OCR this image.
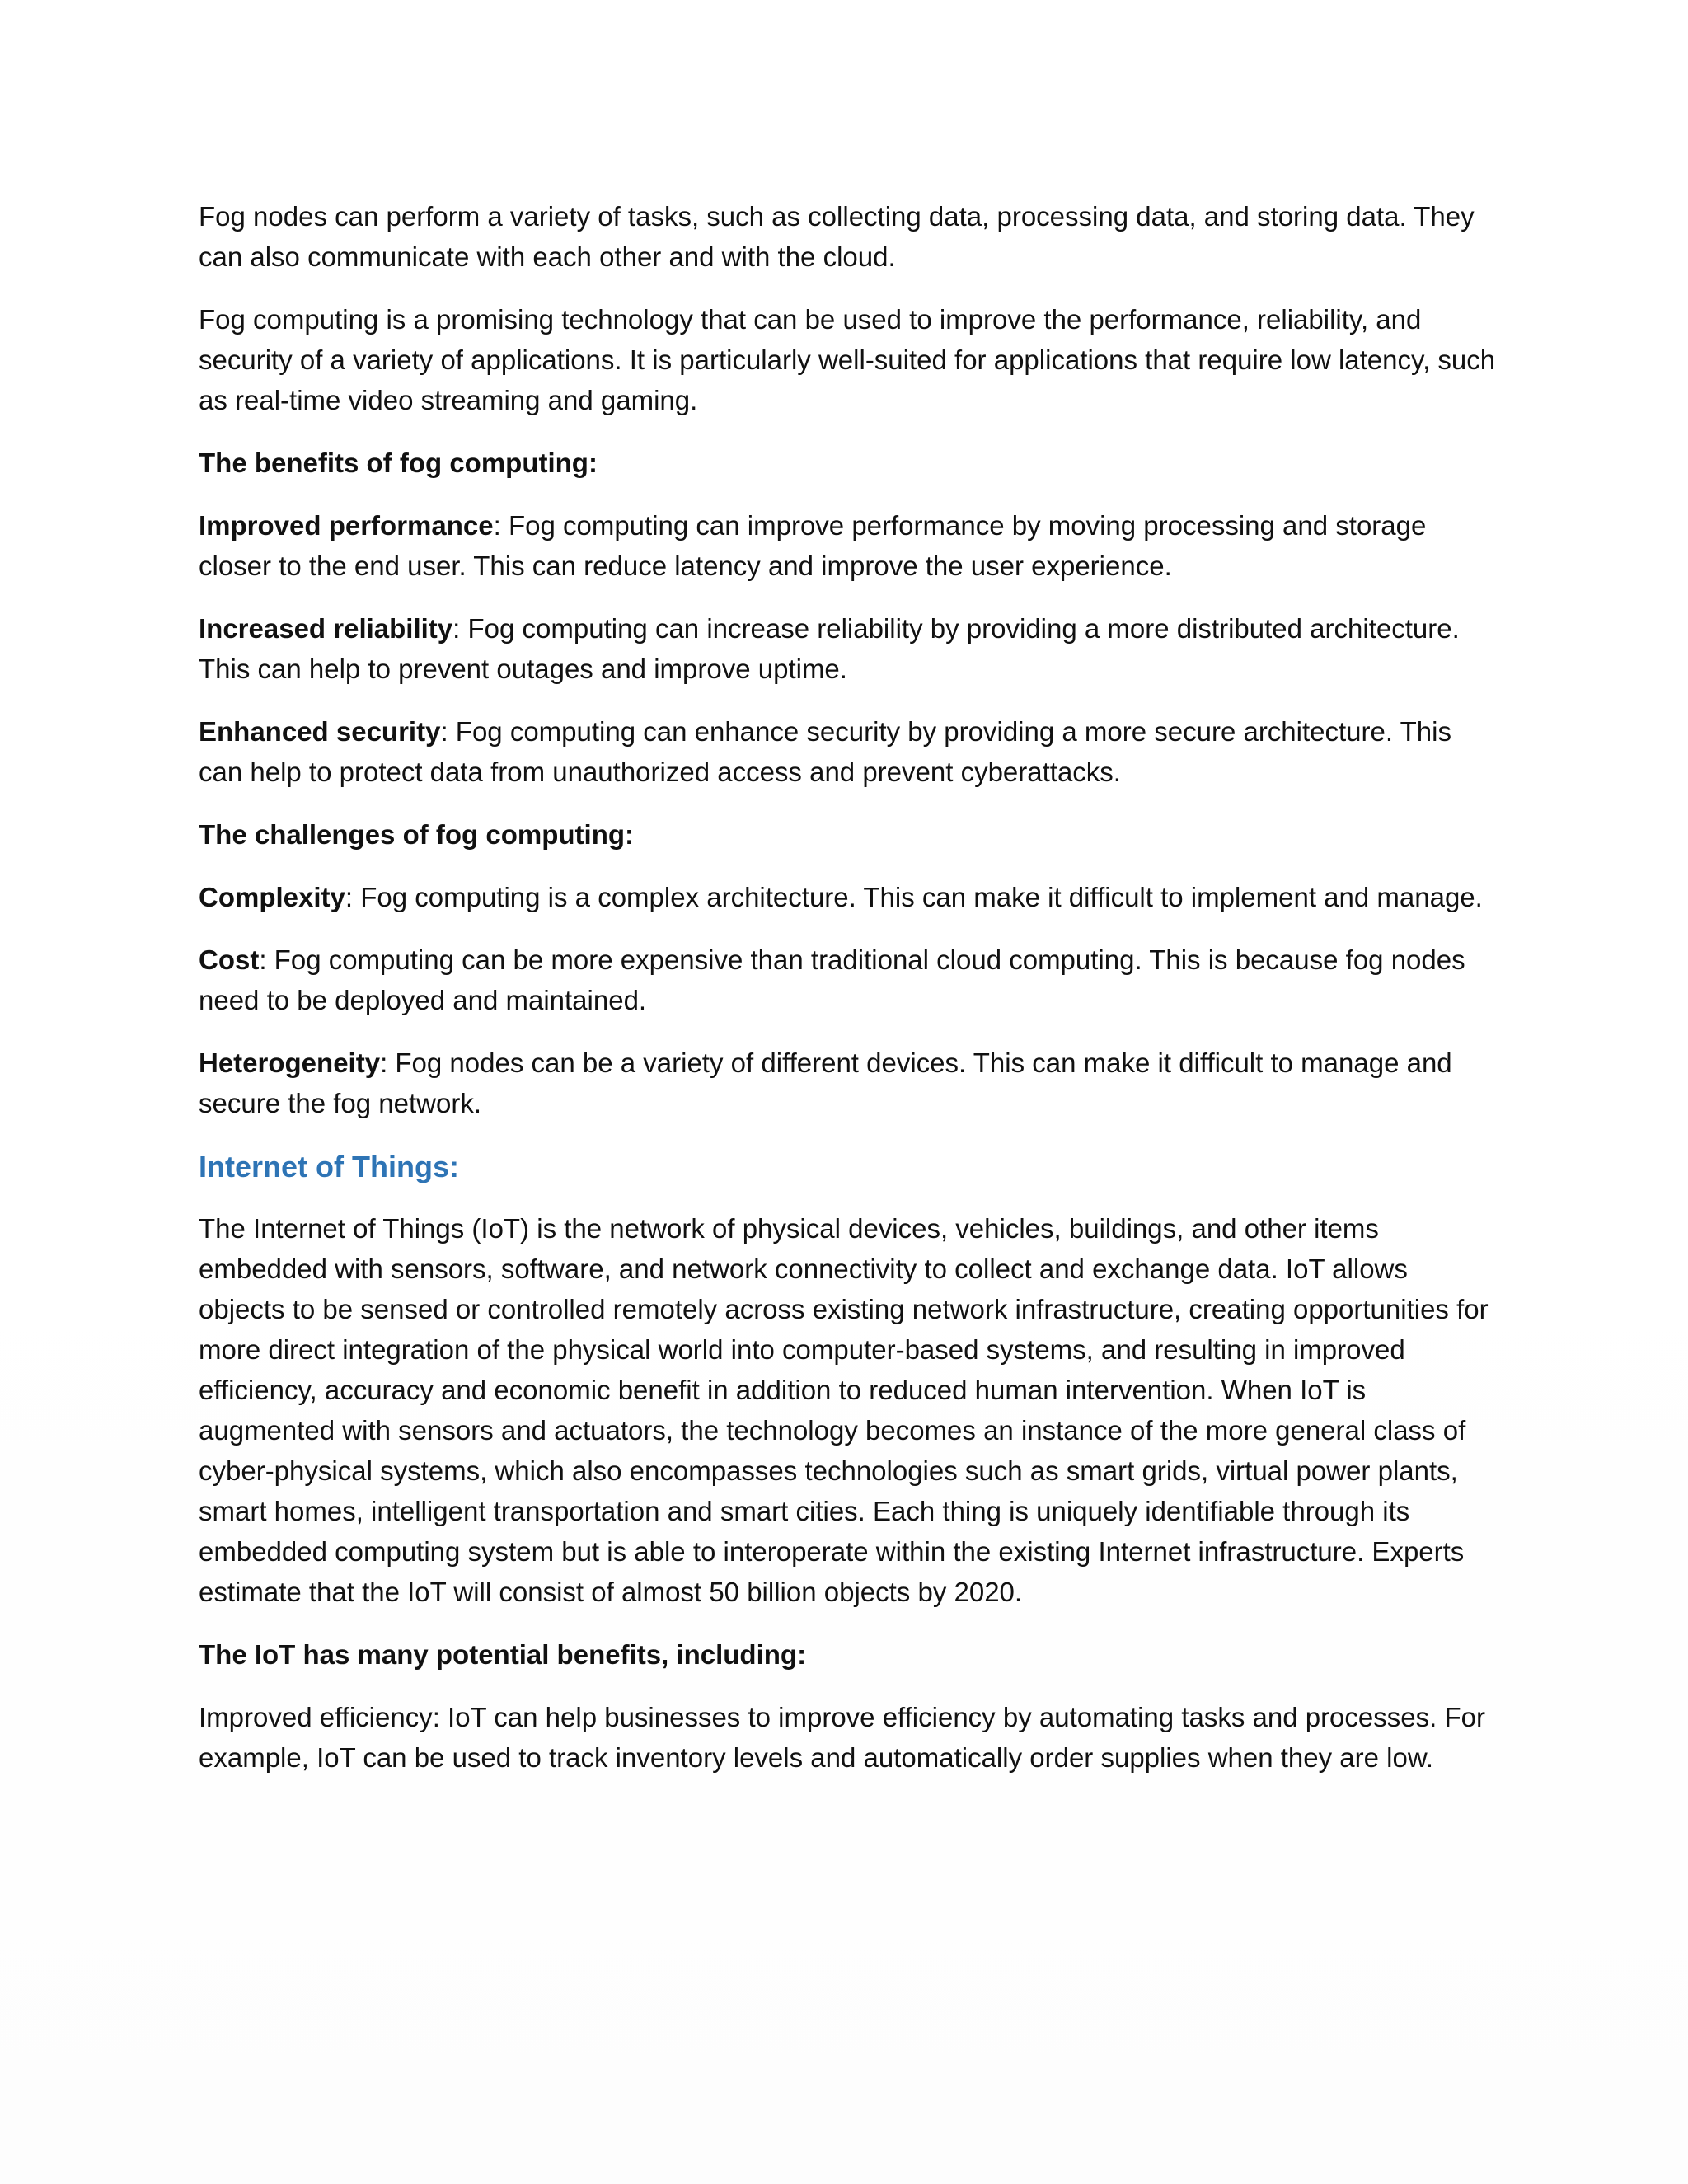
Fog nodes can perform a variety of tasks, such as collecting data, processing data, and storing data. They can also communicate with each other and with the cloud.

Fog computing is a promising technology that can be used to improve the performance, reliability, and security of a variety of applications. It is particularly well-suited for applications that require low latency, such as real-time video streaming and gaming.

The benefits of fog computing:

Improved performance: Fog computing can improve performance by moving processing and storage closer to the end user. This can reduce latency and improve the user experience.

Increased reliability: Fog computing can increase reliability by providing a more distributed architecture. This can help to prevent outages and improve uptime.

Enhanced security: Fog computing can enhance security by providing a more secure architecture. This can help to protect data from unauthorized access and prevent cyberattacks.

The challenges of fog computing:

Complexity: Fog computing is a complex architecture. This can make it difficult to implement and manage.

Cost: Fog computing can be more expensive than traditional cloud computing. This is because fog nodes need to be deployed and maintained.

Heterogeneity: Fog nodes can be a variety of different devices. This can make it difficult to manage and secure the fog network.

Internet of Things:

The Internet of Things (IoT) is the network of physical devices, vehicles, buildings, and other items embedded with sensors, software, and network connectivity to collect and exchange data. IoT allows objects to be sensed or controlled remotely across existing network infrastructure, creating opportunities for more direct integration of the physical world into computer-based systems, and resulting in improved efficiency, accuracy and economic benefit in addition to reduced human intervention. When IoT is augmented with sensors and actuators, the technology becomes an instance of the more general class of cyber-physical systems, which also encompasses technologies such as smart grids, virtual power plants, smart homes, intelligent transportation and smart cities. Each thing is uniquely identifiable through its embedded computing system but is able to interoperate within the existing Internet infrastructure. Experts estimate that the IoT will consist of almost 50 billion objects by 2020.

The IoT has many potential benefits, including:

Improved efficiency: IoT can help businesses to improve efficiency by automating tasks and processes. For example, IoT can be used to track inventory levels and automatically order supplies when they are low.
